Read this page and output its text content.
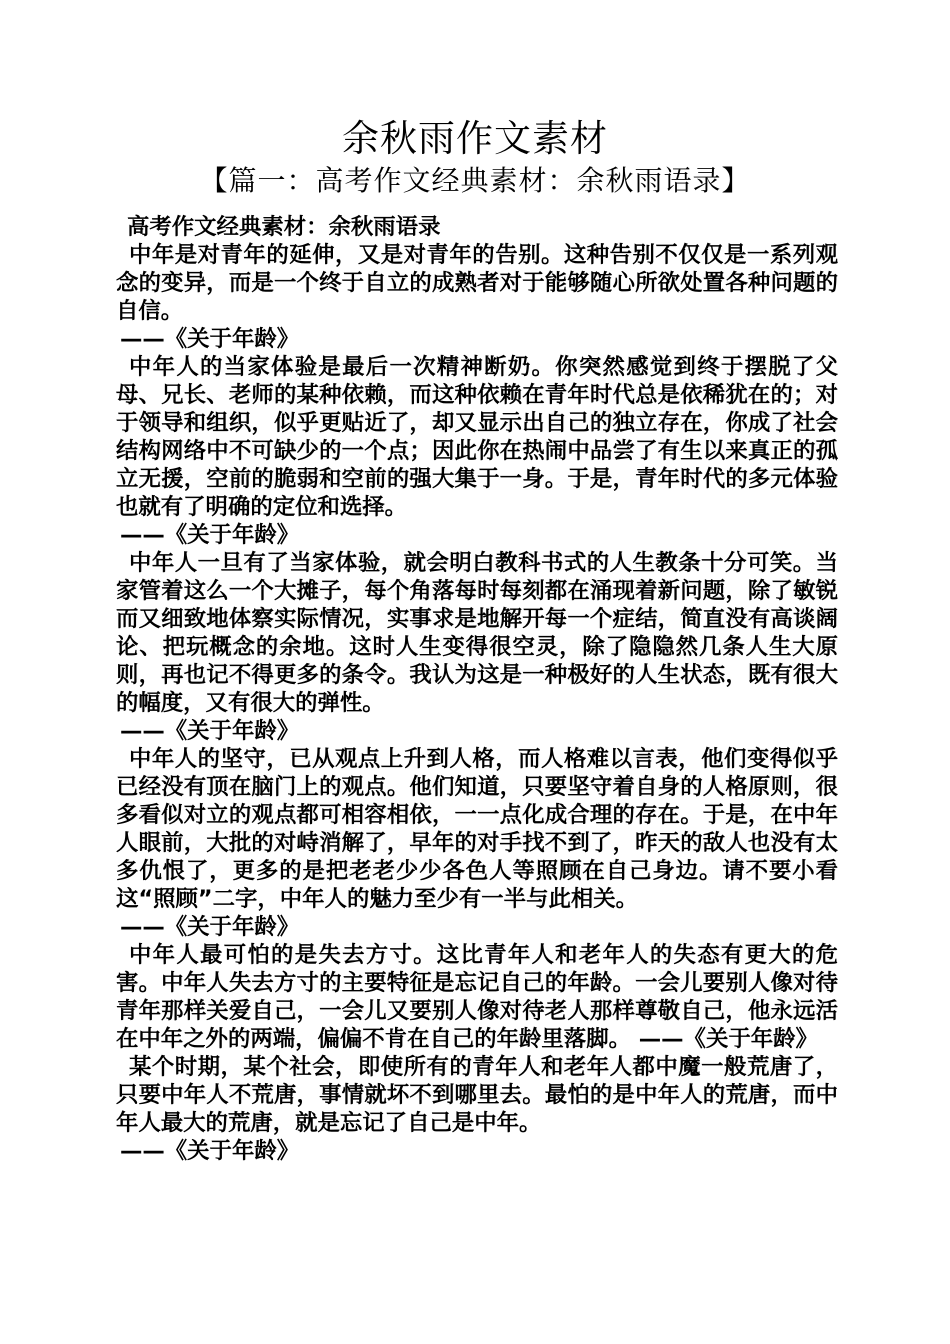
余秋雨作文素材
【篇一：高考作文经典素材：余秋雨语录】

高考作文经典素材：余秋雨语录

中年是对青年的延伸，又是对青年的告别。这种告别不仅仅是一系列观念的变异，而是一个终于自立的成熟者对于能够随心所欲处置各种问题的自信。

——《关于年龄》

中年人的当家体验是最后一次精神断奶。你突然感觉到终于摆脱了父母、兄长、老师的某种依赖，而这种依赖在青年时代总是依稀犹在的；对于领导和组织，似乎更贴近了，却又显示出自己的独立存在，你成了社会结构网络中不可缺少的一个点；因此你在热闹中品尝了有生以来真正的孤立无援，空前的脆弱和空前的强大集于一身。于是，青年时代的多元体验也就有了明确的定位和选择。

——《关于年龄》

中年人一旦有了当家体验，就会明白教科书式的人生教条十分可笑。当家管着这么一个大摊子，每个角落每时每刻都在涌现着新问题，除了敏锐而又细致地体察实际情况，实事求是地解开每一个症结，简直没有高谈阔论、把玩概念的余地。这时人生变得很空灵，除了隐隐然几条人生大原则，再也记不得更多的条令。我认为这是一种极好的人生状态，既有很大的幅度，又有很大的弹性。

——《关于年龄》

中年人的坚守，已从观点上升到人格，而人格难以言表，他们变得似乎已经没有顶在脑门上的观点。他们知道，只要坚守着自身的人格原则，很多看似对立的观点都可相容相依，一一点化成合理的存在。于是，在中年人眼前，大批的对峙消解了，早年的对手找不到了，昨天的敌人也没有太多仇恨了，更多的是把老老少少各色人等照顾在自己身边。请不要小看这“照顾”二字，中年人的魅力至少有一半与此相关。

——《关于年龄》

中年人最可怕的是失去方寸。这比青年人和老年人的失态有更大的危害。中年人失去方寸的主要特征是忘记自己的年龄。一会儿要别人像对待青年那样关爱自己，一会儿又要别人像对待老人那样尊敬自己，他永远活在中年之外的两端，偏偏不肯在自己的年龄里落脚。 ——《关于年龄》

某个时期，某个社会，即使所有的青年人和老年人都中魔一般荒唐了，只要中年人不荒唐，事情就坏不到哪里去。最怕的是中年人的荒唐，而中年人最大的荒唐，就是忘记了自己是中年。

——《关于年龄》
